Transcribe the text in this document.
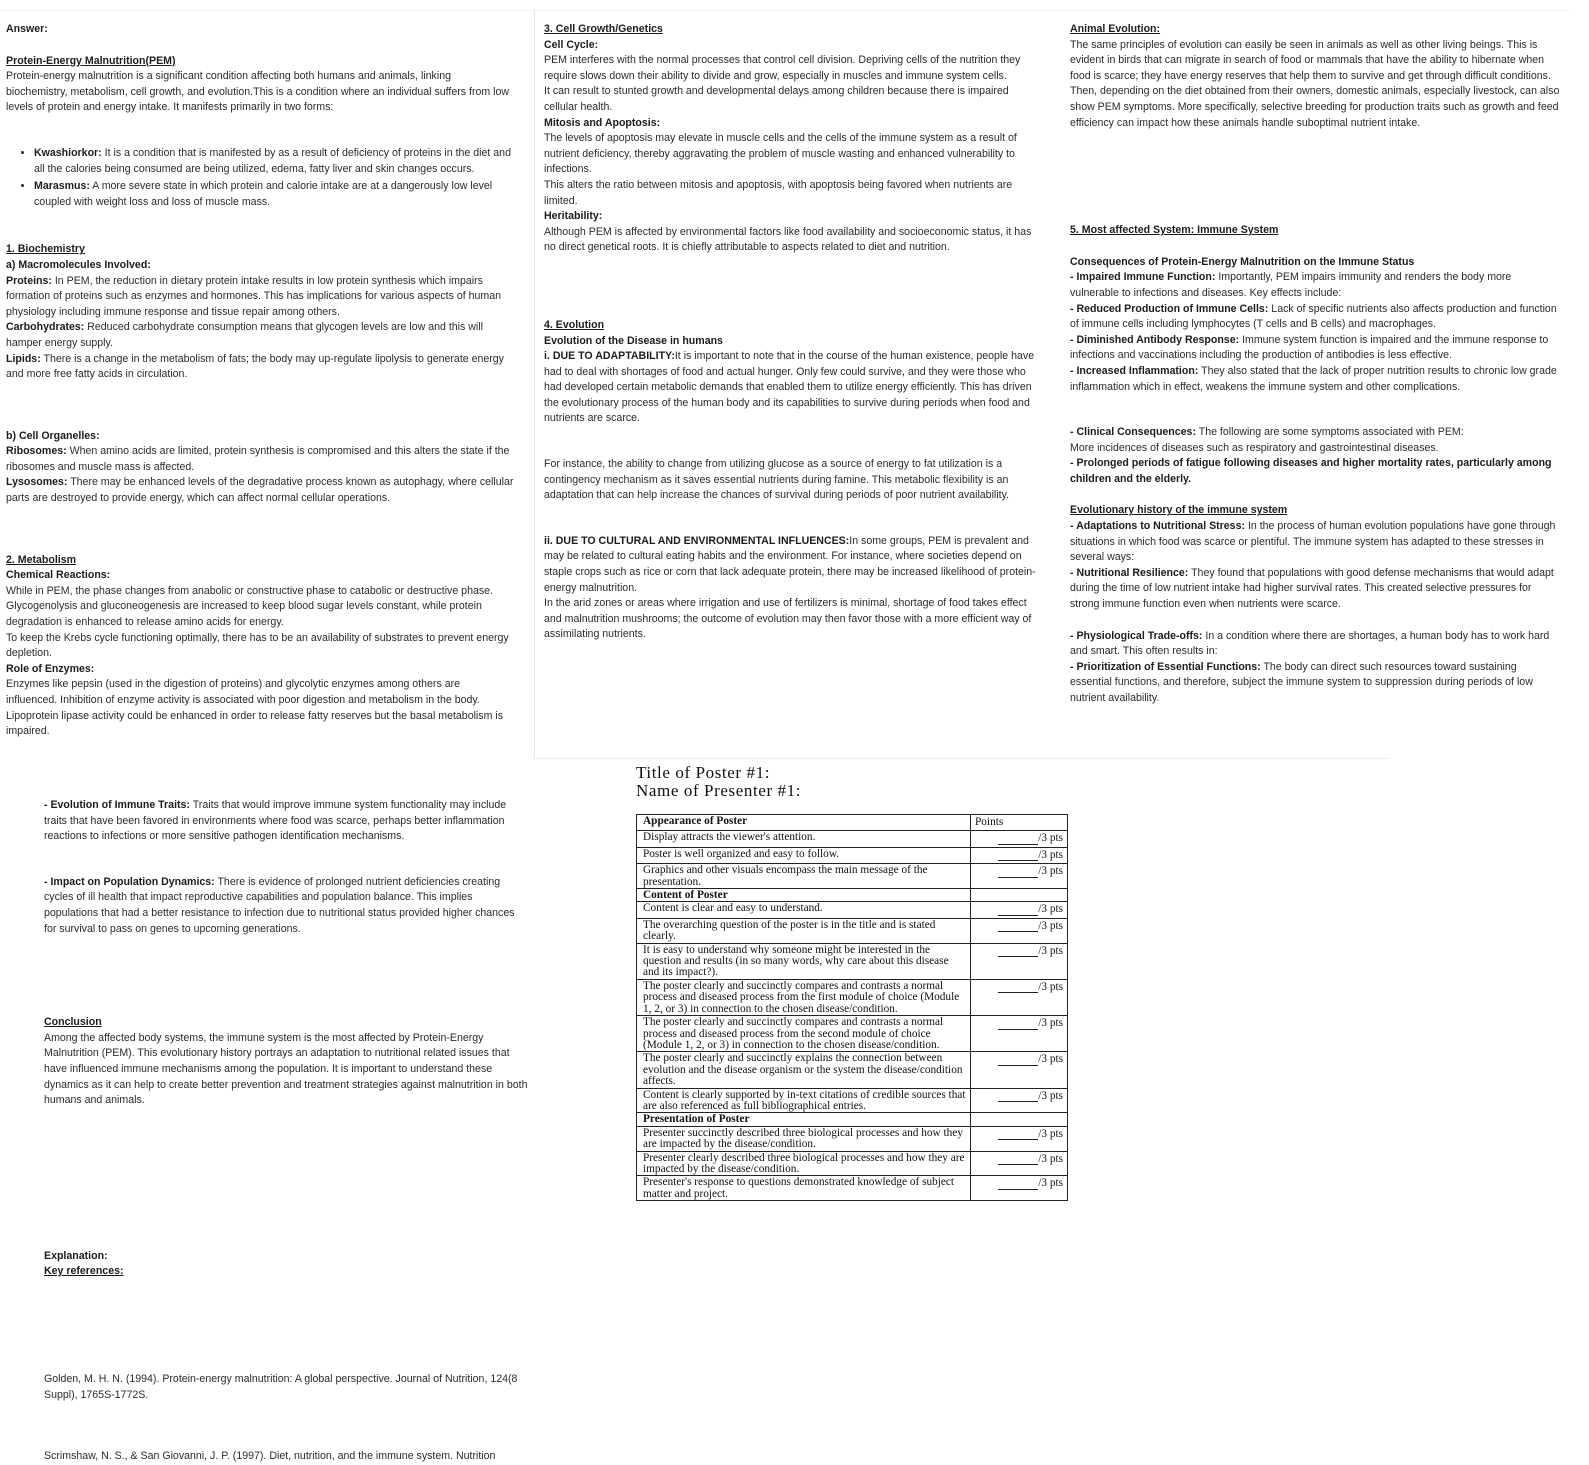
Answer:

Protein-Energy Malnutrition(PEM)

Protein-energy malnutrition is a significant condition affecting both humans and animals, linking biochemistry, metabolism, cell growth, and evolution.This is a condition where an individual suffers from low levels of protein and energy intake. It manifests primarily in two forms:

• Kwashiorkor: It is a condition that is manifested by as a result of deficiency of proteins in the diet and all the calories being consumed are being utilized, edema, fatty liver and skin changes occurs.
• Marasmus: A more severe state in which protein and calorie intake are at a dangerously low level coupled with weight loss and loss of muscle mass.

1. Biochemistry

a) Macromolecules Involved:

Proteins: In PEM, the reduction in dietary protein intake results in low protein synthesis which impairs formation of proteins such as enzymes and hormones. This has implications for various aspects of human physiology including immune response and tissue repair among others.

Carbohydrates: Reduced carbohydrate consumption means that glycogen levels are low and this will hamper energy supply.

Lipids: There is a change in the metabolism of fats; the body may up-regulate lipolysis to generate energy and more free fatty acids in circulation.

b) Cell Organelles:

Ribosomes: When amino acids are limited, protein synthesis is compromised and this alters the state if the ribosomes and muscle mass is affected.

Lysosomes: There may be enhanced levels of the degradative process known as autophagy, where cellular parts are destroyed to provide energy, which can affect normal cellular operations.

2. Metabolism

Chemical Reactions:

While in PEM, the phase changes from anabolic or constructive phase to catabolic or destructive phase. Glycogenolysis and gluconeogenesis are increased to keep blood sugar levels constant, while protein degradation is enhanced to release amino acids for energy.

To keep the Krebs cycle functioning optimally, there has to be an availability of substrates to prevent energy depletion.

Role of Enzymes:

Enzymes like pepsin (used in the digestion of proteins) and glycolytic enzymes among others are influenced. Inhibition of enzyme activity is associated with poor digestion and metabolism in the body.

Lipoprotein lipase activity could be enhanced in order to release fatty reserves but the basal metabolism is impaired.

3. Cell Growth/Genetics

Cell Cycle:

PEM interferes with the normal processes that control cell division. Depriving cells of the nutrition they require slows down their ability to divide and grow, especially in muscles and immune system cells.

It can result to stunted growth and developmental delays among children because there is impaired cellular health.

Mitosis and Apoptosis:

The levels of apoptosis may elevate in muscle cells and the cells of the immune system as a result of nutrient deficiency, thereby aggravating the problem of muscle wasting and enhanced vulnerability to infections.

This alters the ratio between mitosis and apoptosis, with apoptosis being favored when nutrients are limited.

Heritability:

Although PEM is affected by environmental factors like food availability and socioeconomic status, it has no direct genetical roots. It is chiefly attributable to aspects related to diet and nutrition.

4. Evolution

Evolution of the Disease in humans

i. DUE TO ADAPTABILITY:It is important to note that in the course of the human existence, people have had to deal with shortages of food and actual hunger. Only few could survive, and they were those who had developed certain metabolic demands that enabled them to utilize energy efficiently. This has driven the evolutionary process of the human body and its capabilities to survive during periods when food and nutrients are scarce.

For instance, the ability to change from utilizing glucose as a source of energy to fat utilization is a contingency mechanism as it saves essential nutrients during famine. This metabolic flexibility is an adaptation that can help increase the chances of survival during periods of poor nutrient availability.

ii. DUE TO CULTURAL AND ENVIRONMENTAL INFLUENCES:In some groups, PEM is prevalent and may be related to cultural eating habits and the environment. For instance, where societies depend on staple crops such as rice or corn that lack adequate protein, there may be increased likelihood of protein-energy malnutrition.

In the arid zones or areas where irrigation and use of fertilizers is minimal, shortage of food takes effect and malnutrition mushrooms; the outcome of evolution may then favor those with a more efficient way of assimilating nutrients.

Animal Evolution:

The same principles of evolution can easily be seen in animals as well as other living beings. This is evident in birds that can migrate in search of food or mammals that have the ability to hibernate when food is scarce; they have energy reserves that help them to survive and get through difficult conditions.

Then, depending on the diet obtained from their owners, domestic animals, especially livestock, can also show PEM symptoms. More specifically, selective breeding for production traits such as growth and feed efficiency can impact how these animals handle suboptimal nutrient intake.

5. Most affected System: Immune System

Consequences of Protein-Energy Malnutrition on the Immune Status

- Impaired Immune Function: Importantly, PEM impairs immunity and renders the body more vulnerable to infections and diseases. Key effects include:

- Reduced Production of Immune Cells: Lack of specific nutrients also affects production and function of immune cells including lymphocytes (T cells and B cells) and macrophages.

- Diminished Antibody Response: Immune system function is impaired and the immune response to infections and vaccinations including the production of antibodies is less effective.

- Increased Inflammation: They also stated that the lack of proper nutrition results to chronic low grade inflammation which in effect, weakens the immune system and other complications.

- Clinical Consequences: The following are some symptoms associated with PEM:

More incidences of diseases such as respiratory and gastrointestinal diseases.

- Prolonged periods of fatigue following diseases and higher mortality rates, particularly among children and the elderly.

Evolutionary history of the immune system

- Adaptations to Nutritional Stress: In the process of human evolution populations have gone through situations in which food was scarce or plentiful. The immune system has adapted to these stresses in several ways:

- Nutritional Resilience: They found that populations with good defense mechanisms that would adapt during the time of low nutrient intake had higher survival rates. This created selective pressures for strong immune function even when nutrients were scarce.

- Physiological Trade-offs: In a condition where there are shortages, a human body has to work hard and smart. This often results in:

- Prioritization of Essential Functions: The body can direct such resources toward sustaining essential functions, and therefore, subject the immune system to suppression during periods of low nutrient availability.

- Evolution of Immune Traits: Traits that would improve immune system functionality may include traits that have been favored in environments where food was scarce, perhaps better inflammation reactions to infections or more sensitive pathogen identification mechanisms.

- Impact on Population Dynamics: There is evidence of prolonged nutrient deficiencies creating cycles of ill health that impact reproductive capabilities and population balance. This implies populations that had a better resistance to infection due to nutritional status provided higher chances for survival to pass on genes to upcoming generations.

Conclusion

Among the affected body systems, the immune system is the most affected by Protein-Energy Malnutrition (PEM). This evolutionary history portrays an adaptation to nutritional related issues that have influenced immune mechanisms among the population. It is important to understand these dynamics as it can help to create better prevention and treatment strategies against malnutrition in both humans and animals.

Explanation:

Key references:

Golden, M. H. N. (1994). Protein-energy malnutrition: A global perspective. Journal of Nutrition, 124(8 Suppl), 1765S-1772S.

Scrimshaw, N. S., & San Giovanni, J. P. (1997). Diet, nutrition, and the immune system. Nutrition

Title of Poster #1:
Name of Presenter #1:
Appearance of Poster	Points
Display attracts the viewer's attention.	/3 pts
Poster is well organized and easy to follow.	/3 pts
Graphics and other visuals encompass the main message of the presentation.	/3 pts
Content of Poster	
Content is clear and easy to understand.	/3 pts
The overarching question of the poster is in the title and is stated clearly.	/3 pts
It is easy to understand why someone might be interested in the question and results (in so many words, why care about this disease and its impact?).	/3 pts
The poster clearly and succinctly compares and contrasts a normal process and diseased process from the first module of choice (Module 1, 2, or 3) in connection to the chosen disease/condition.	/3 pts
The poster clearly and succinctly compares and contrasts a normal process and diseased process from the second module of choice (Module 1, 2, or 3) in connection to the chosen disease/condition.	/3 pts
The poster clearly and succinctly explains the connection between evolution and the disease organism or the system the disease/condition affects.	/3 pts
Content is clearly supported by in-text citations of credible sources that are also referenced as full bibliographical entries.	/3 pts
Presentation of Poster	
Presenter succinctly described three biological processes and how they are impacted by the disease/condition.	/3 pts
Presenter clearly described three biological processes and how they are impacted by the disease/condition.	/3 pts
Presenter's response to questions demonstrated knowledge of subject matter and project.	/3 pts
